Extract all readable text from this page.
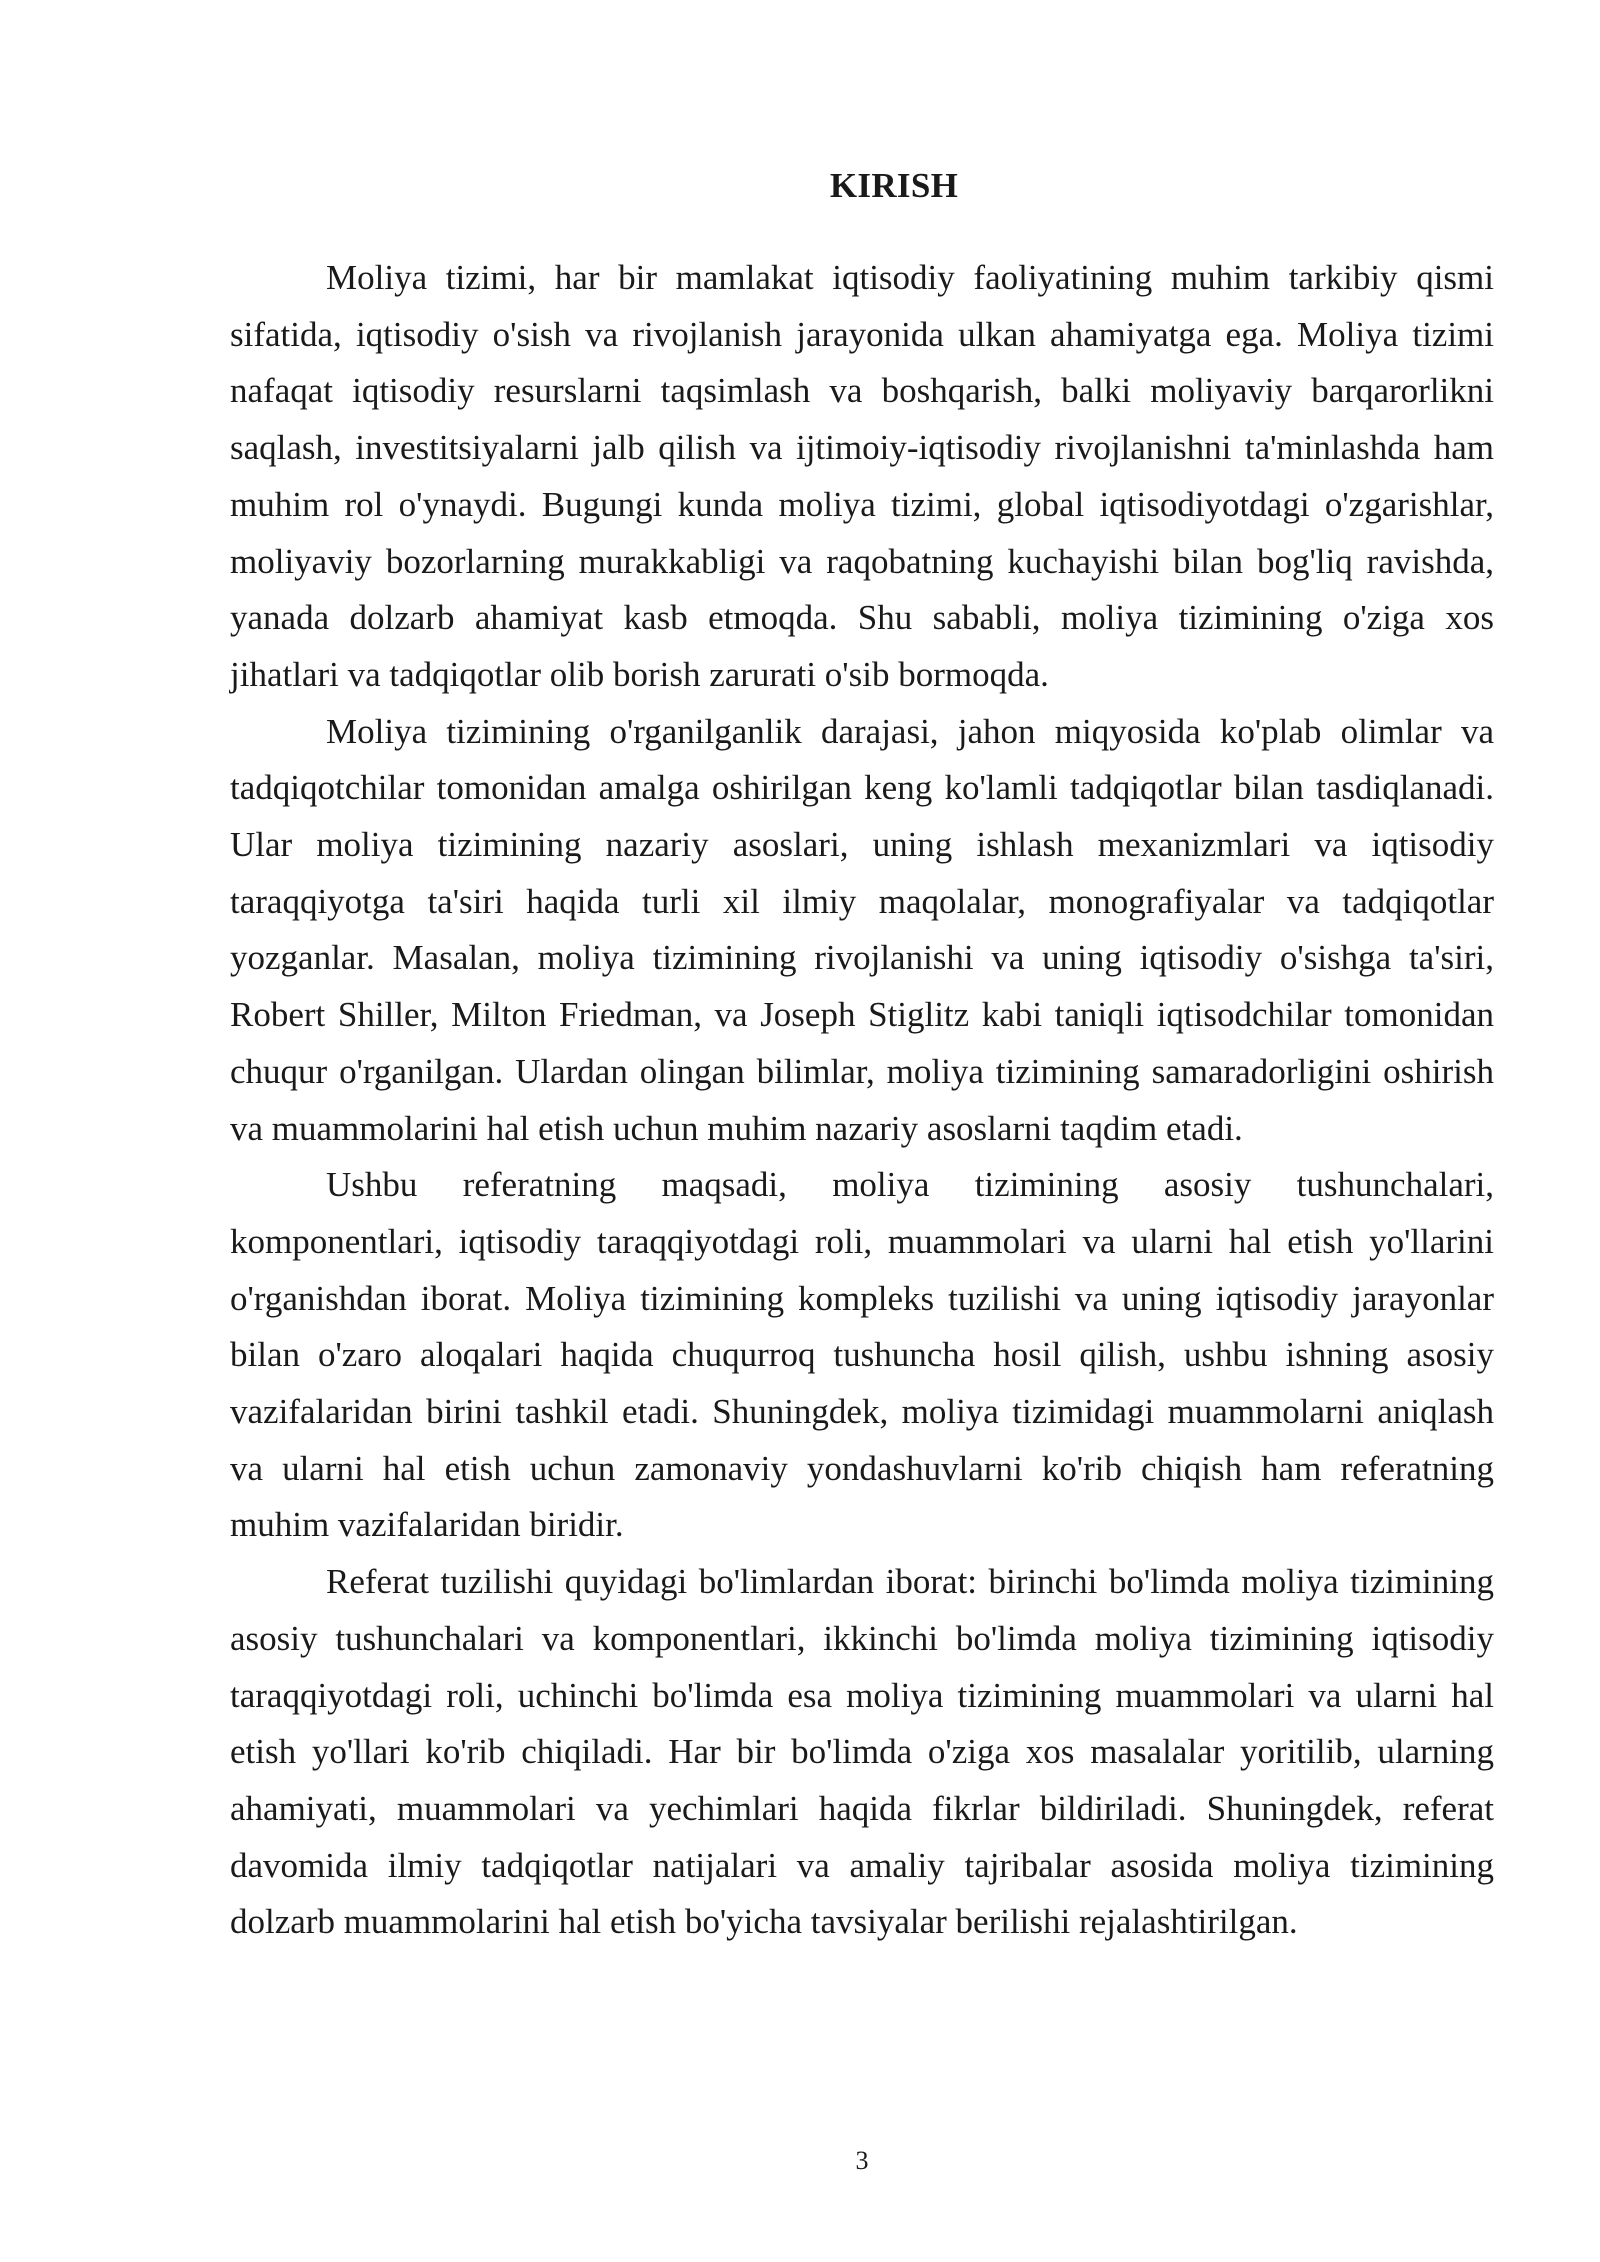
KIRISH

Moliya tizimi, har bir mamlakat iqtisodiy faoliyatining muhim tarkibiy qismi sifatida, iqtisodiy o'sish va rivojlanish jarayonida ulkan ahamiyatga ega. Moliya tizimi nafaqat iqtisodiy resurslarni taqsimlash va boshqarish, balki moliyaviy barqarorlikni saqlash, investitsiyalarni jalb qilish va ijtimoiy-iqtisodiy rivojlanishni ta'minlashda ham muhim rol o'ynaydi. Bugungi kunda moliya tizimi, global iqtisodiyotdagi o'zgarishlar, moliyaviy bozorlarning murakkabligi va raqobatning kuchayishi bilan bog'liq ravishda, yanada dolzarb ahamiyat kasb etmoqda. Shu sababli, moliya tizimining o'ziga xos jihatlari va tadqiqotlar olib borish zarurati o'sib bormoqda.

Moliya tizimining o'rganilganlik darajasi, jahon miqyosida ko'plab olimlar va tadqiqotchilar tomonidan amalga oshirilgan keng ko'lamli tadqiqotlar bilan tasdiqlanadi. Ular moliya tizimining nazariy asoslari, uning ishlash mexanizmlari va iqtisodiy taraqqiyotga ta'siri haqida turli xil ilmiy maqolalar, monografiyalar va tadqiqotlar yozganlar. Masalan, moliya tizimining rivojlanishi va uning iqtisodiy o'sishga ta'siri, Robert Shiller, Milton Friedman, va Joseph Stiglitz kabi taniqli iqtisodchilar tomonidan chuqur o'rganilgan. Ulardan olingan bilimlar, moliya tizimining samaradorligini oshirish va muammolarini hal etish uchun muhim nazariy asoslarni taqdim etadi.

Ushbu referatning maqsadi, moliya tizimining asosiy tushunchalari, komponentlari, iqtisodiy taraqqiyotdagi roli, muammolari va ularni hal etish yo'llarini o'rganishdan iborat. Moliya tizimining kompleks tuzilishi va uning iqtisodiy jarayonlar bilan o'zaro aloqalari haqida chuqurroq tushuncha hosil qilish, ushbu ishning asosiy vazifalaridan birini tashkil etadi. Shuningdek, moliya tizimidagi muammolarni aniqlash va ularni hal etish uchun zamonaviy yondashuvlarni ko'rib chiqish ham referatning muhim vazifalaridan biridir.

Referat tuzilishi quyidagi bo'limlardan iborat: birinchi bo'limda moliya tizimining asosiy tushunchalari va komponentlari, ikkinchi bo'limda moliya tizimining iqtisodiy taraqqiyotdagi roli, uchinchi bo'limda esa moliya tizimining muammolari va ularni hal etish yo'llari ko'rib chiqiladi. Har bir bo'limda o'ziga xos masalalar yoritilib, ularning ahamiyati, muammolari va yechimlari haqida fikrlar bildiriladi. Shuningdek, referat davomida ilmiy tadqiqotlar natijalari va amaliy tajribalar asosida moliya tizimining dolzarb muammolarini hal etish bo'yicha tavsiyalar berilishi rejalashtirilgan.

3
